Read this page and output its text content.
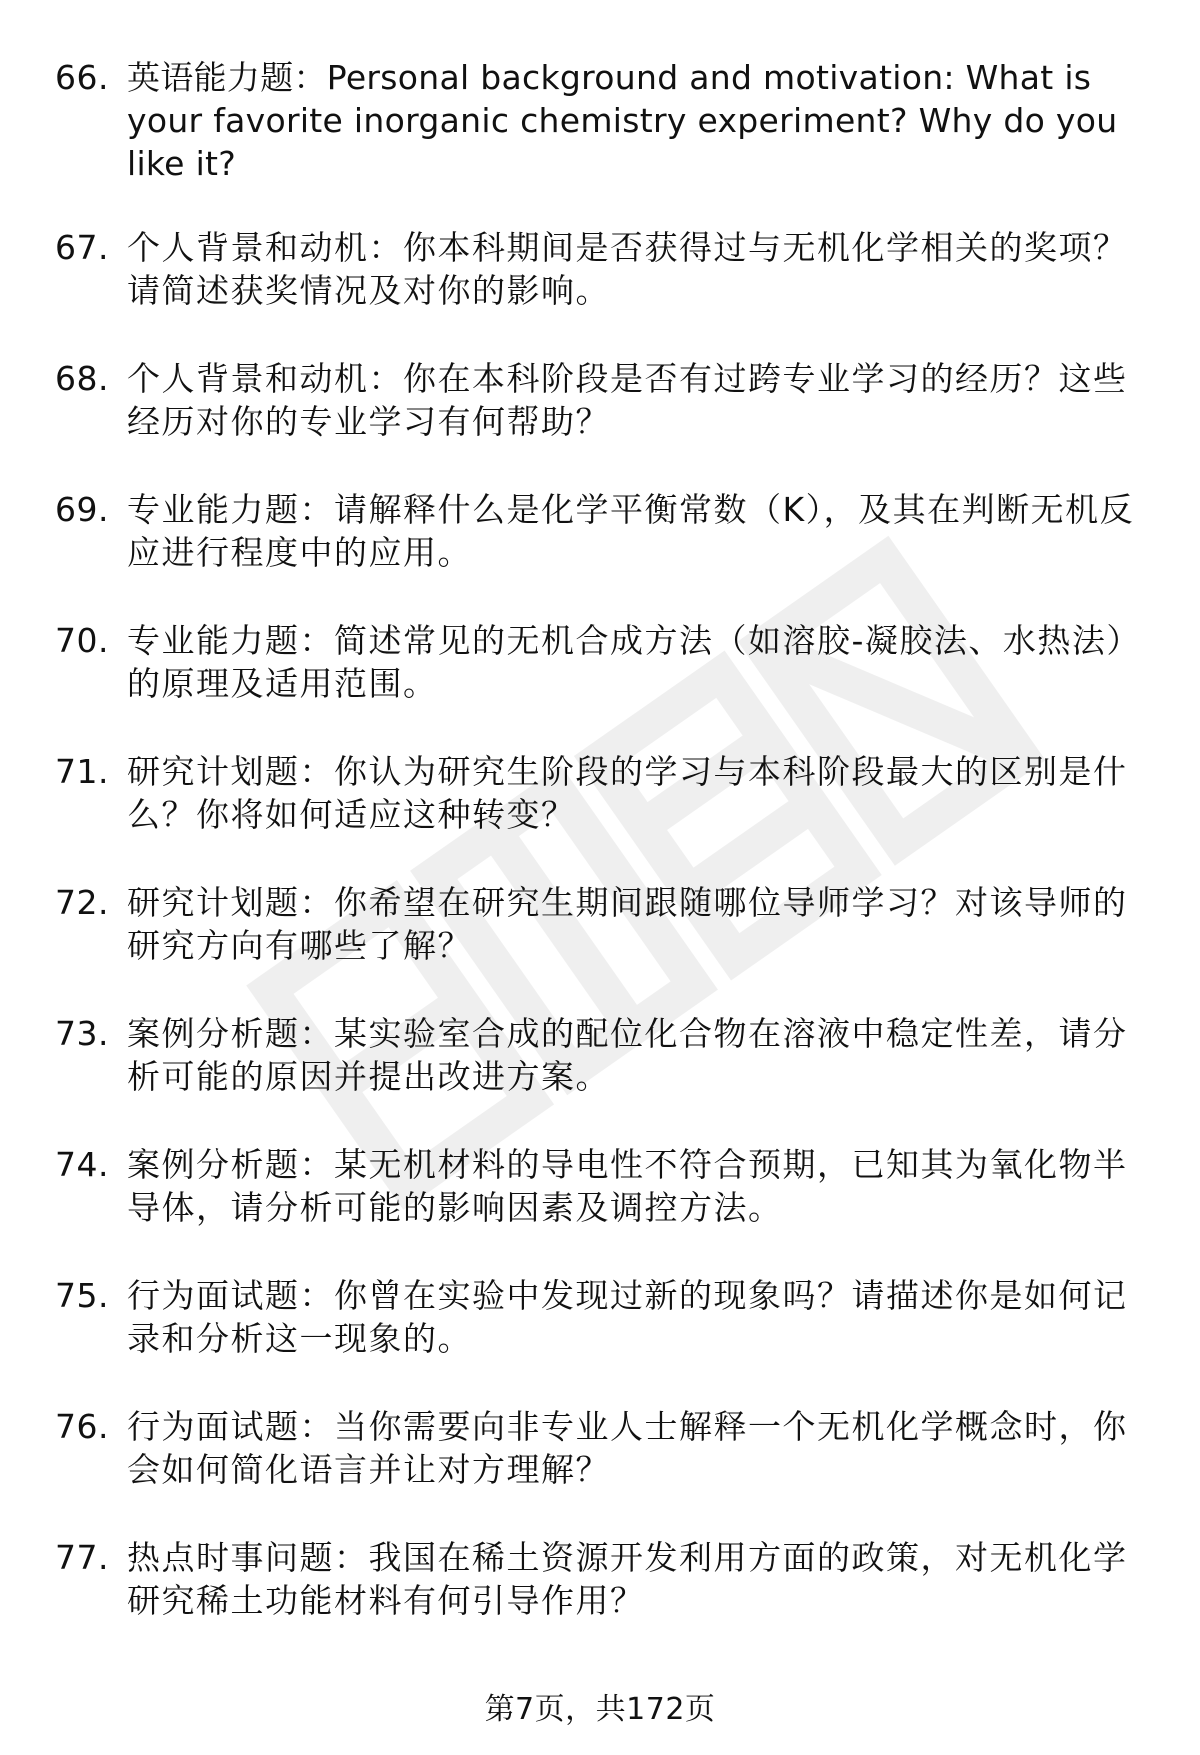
66. 英语能力题：Personal background and motivation: What is your favorite inorganic chemistry experiment? Why do you like it?
67. 个人背景和动机：你本科期间是否获得过与无机化学相关的奖项？请简述获奖情况及对你的影响。
68. 个人背景和动机：你在本科阶段是否有过跨专业学习的经历？这些经历对你的专业学习有何帮助？
69. 专业能力题：请解释什么是化学平衡常数（K），及其在判断无机反应进行程度中的应用。
70. 专业能力题：简述常见的无机合成方法（如溶胶-凝胶法、水热法）的原理及适用范围。
71. 研究计划题：你认为研究生阶段的学习与本科阶段最大的区别是什么？你将如何适应这种转变？
72. 研究计划题：你希望在研究生期间跟随哪位导师学习？对该导师的研究方向有哪些了解？
73. 案例分析题：某实验室合成的配位化合物在溶液中稳定性差，请分析可能的原因并提出改进方案。
74. 案例分析题：某无机材料的导电性不符合预期，已知其为氧化物半导体，请分析可能的影响因素及调控方法。
75. 行为面试题：你曾在实验中发现过新的现象吗？请描述你是如何记录和分析这一现象的。
76. 行为面试题：当你需要向非专业人士解释一个无机化学概念时，你会如何简化语言并让对方理解？
77. 热点时事问题：我国在稀土资源开发利用方面的政策，对无机化学研究稀土功能材料有何引导作用？
第7页，共172页
